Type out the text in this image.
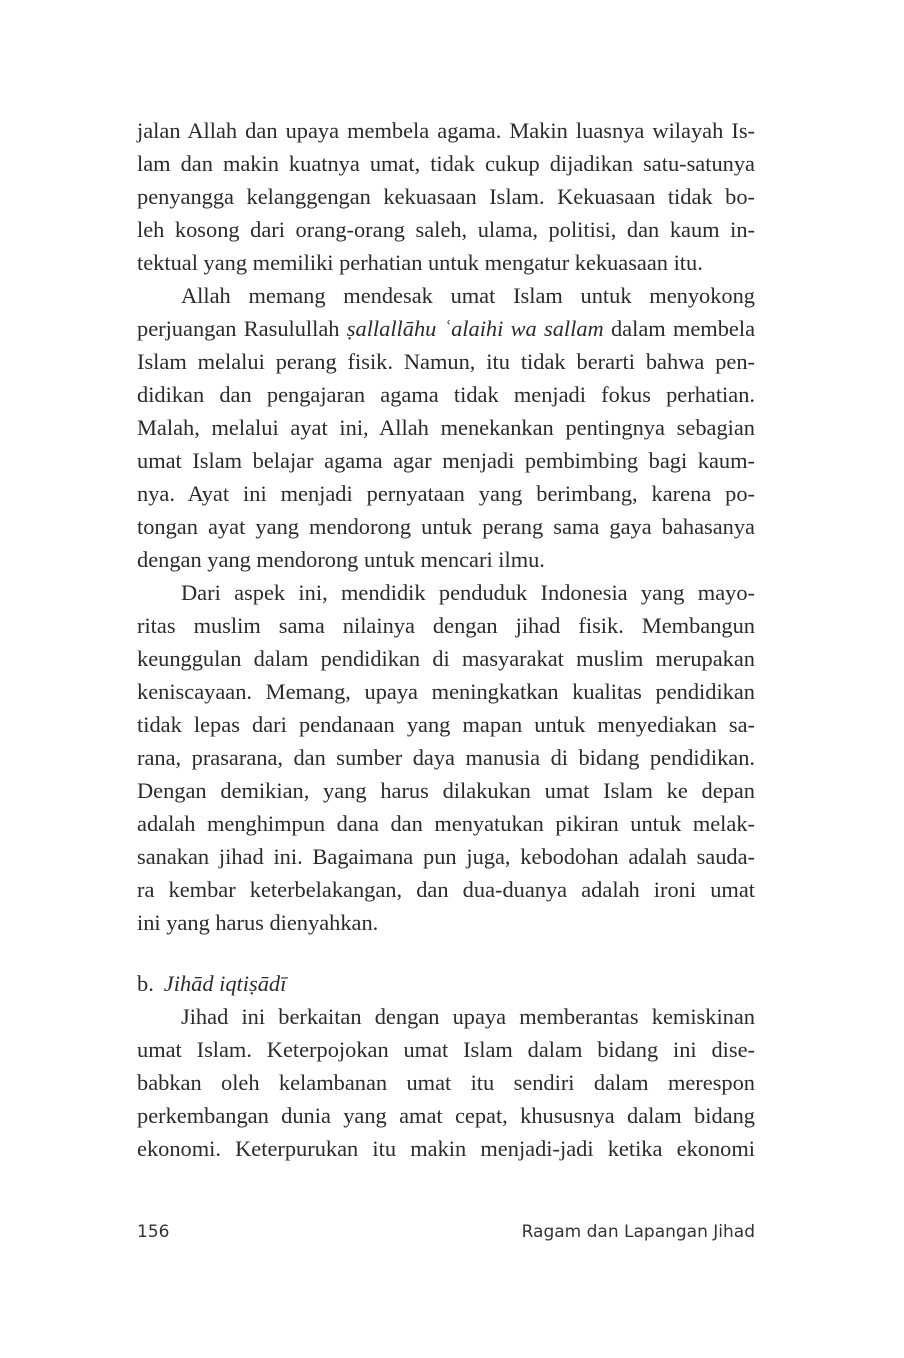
jalan Allah dan upaya membela agama. Makin luasnya wilayah Is-
lam dan makin kuatnya umat, tidak cukup dijadikan satu-satunya
penyangga kelanggengan kekuasaan Islam. Kekuasaan tidak bo-
leh kosong dari orang-orang saleh, ulama, politisi, dan kaum in-
tektual yang memiliki perhatian untuk mengatur kekuasaan itu.
Allah memang mendesak umat Islam untuk menyokong
perjuangan Rasulullah ṣallallāhu ʿalaihi wa sallam dalam membela
Islam melalui perang fisik. Namun, itu tidak berarti bahwa pen-
didikan dan pengajaran agama tidak menjadi fokus perhatian.
Malah, melalui ayat ini, Allah menekankan pentingnya sebagian
umat Islam belajar agama agar menjadi pembimbing bagi kaum-
nya. Ayat ini menjadi pernyataan yang berimbang, karena po-
tongan ayat yang mendorong untuk perang sama gaya bahasanya
dengan yang mendorong untuk mencari ilmu.
Dari aspek ini, mendidik penduduk Indonesia yang mayo-
ritas muslim sama nilainya dengan jihad fisik. Membangun
keunggulan dalam pendidikan di masyarakat muslim merupakan
keniscayaan. Memang, upaya meningkatkan kualitas pendidikan
tidak lepas dari pendanaan yang mapan untuk menyediakan sa-
rana, prasarana, dan sumber daya manusia di bidang pendidikan.
Dengan demikian, yang harus dilakukan umat Islam ke depan
adalah menghimpun dana dan menyatukan pikiran untuk melak-
sanakan jihad ini. Bagaimana pun juga, kebodohan adalah sauda-
ra kembar keterbelakangan, dan dua-duanya adalah ironi umat
ini yang harus dienyahkan.
b. Jihād iqtiṣādī
Jihad ini berkaitan dengan upaya memberantas kemiskinan
umat Islam. Keterpojokan umat Islam dalam bidang ini dise-
babkan oleh kelambanan umat itu sendiri dalam merespon
perkembangan dunia yang amat cepat, khususnya dalam bidang
ekonomi. Keterpurukan itu makin menjadi-jadi ketika ekonomi
156	Ragam dan Lapangan Jihad
